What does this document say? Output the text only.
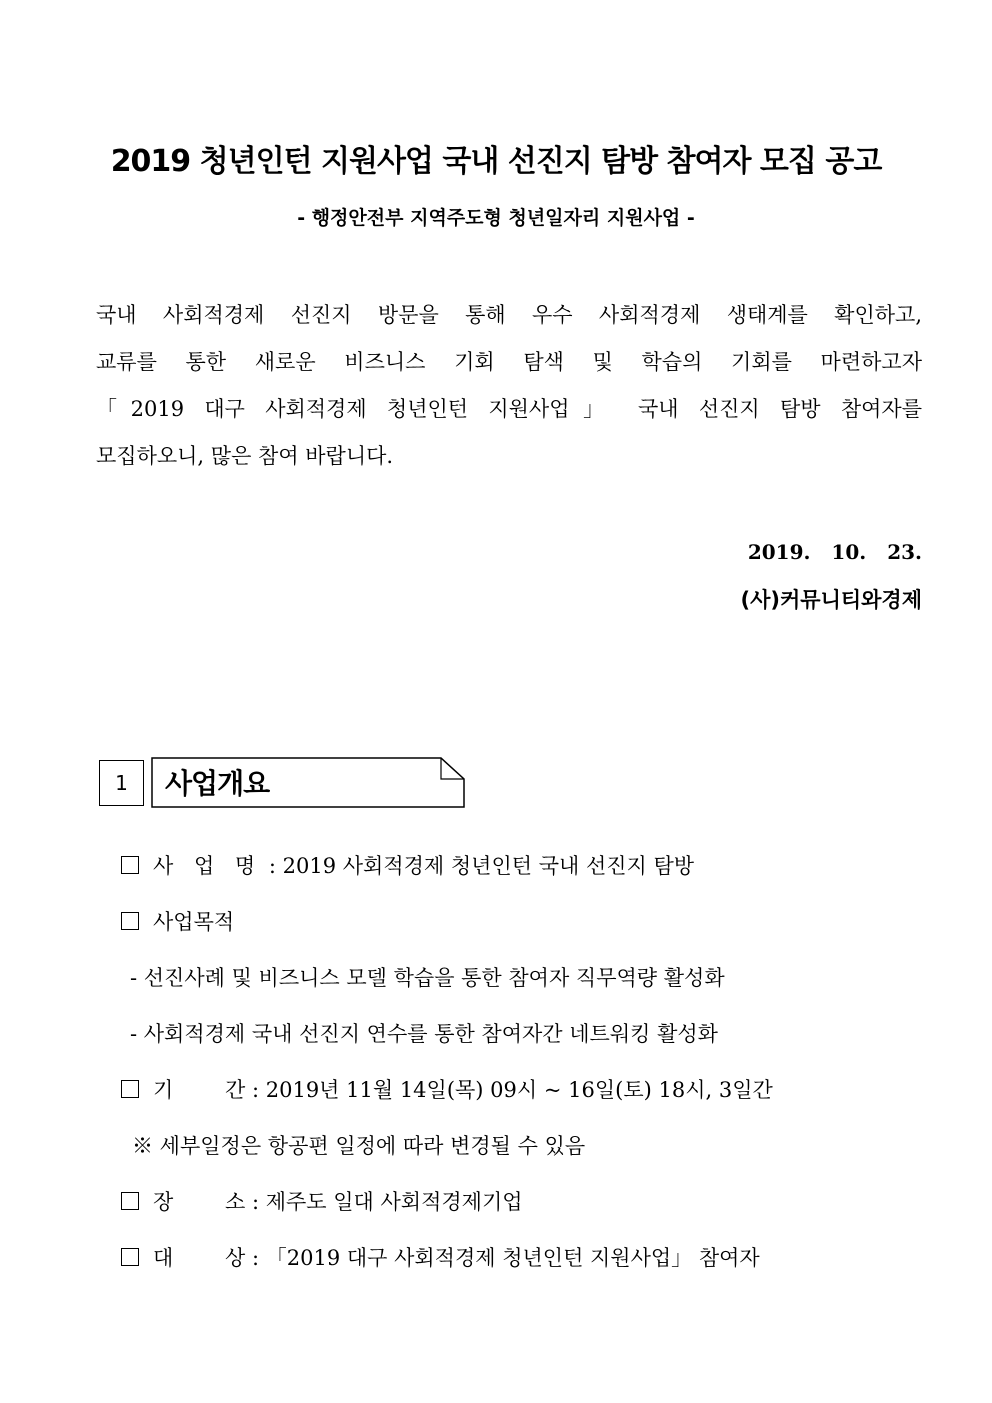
2019 청년인턴 지원사업 국내 선진지 탐방 참여자 모집 공고
- 행정안전부 지역주도형 청년일자리 지원사업 -
국내 사회적경제 선진지 방문을 통해 우수 사회적경제 생태계를 확인하고,
교류를 통한 새로운 비즈니스 기회 탐색 및 학습의 기회를 마련하고자
「2019 대구 사회적경제 청년인턴 지원사업」 국내 선진지 탐방 참여자를
모집하오니, 많은 참여 바랍니다.
2019. 10. 23.
(사)커뮤니티와경제
1	사업개요
사 업 명 : 2019 사회적경제 청년인턴 국내 선진지 탐방
사업목적
- 선진사례 및 비즈니스 모델 학습을 통한 참여자 직무역량 활성화
- 사회적경제 국내 선진지 연수를 통한 참여자간 네트워킹 활성화
기 간 : 2019년 11월 14일(목) 09시 ~ 16일(토) 18시, 3일간
※ 세부일정은 항공편 일정에 따라 변경될 수 있음
장 소 : 제주도 일대 사회적경제기업
대 상 : 「2019 대구 사회적경제 청년인턴 지원사업」 참여자
